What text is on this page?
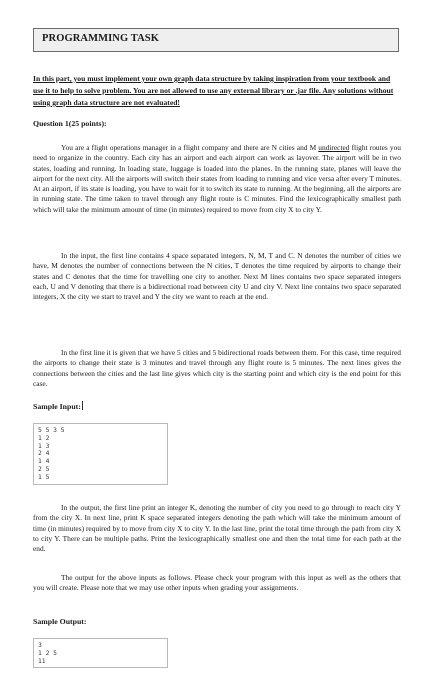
PROGRAMMING TASK
In this part, you must implement your own graph data structure by taking inspiration from your textbook and use it to help to solve problem. You are not allowed to use any external library or .jar file. Any solutions without using graph data structure are not evaluated!
Question 1(25 points):

You are a flight operations manager in a flight company and there are N cities and M undirected flight routes you need to organize in the country. Each city has an airport and each airport can work as layover. The airport will be in two states, loading and running. In loading state, luggage is loaded into the planes. In the running state, planes will leave the airport for the next city. All the airports will switch their states from loading to running and vice versa after every T minutes. At an airport, if its state is loading, you have to wait for it to switch its state to running. At the beginning, all the airports are in running state. The time taken to travel through any flight route is C minutes. Find the lexicographically smallest path which will take the minimum amount of time (in minutes) required to move from city X to city Y.

In the input, the first line contains 4 space separated integers, N, M, T and C. N denotes the number of cities we have, M denotes the number of connections between the N cities, T denotes the time required by airports to change their states and C denotes that the time for travelling one city to another. Next M lines contains two space separated integers each, U and V denoting that there is a bidirectional road between city U and city V. Next line contains two space separated integers, X the city we start to travel and Y the city we want to reach at the end.

In the first line it is given that we have 5 cities and 5 bidirectional roads between them. For this case, time required the airports to change their state is 3 minutes and travel through any flight route is 5 minutes. The next lines gives the connections between the cities and the last line gives which city is the starting point and which city is the end point for this case.

Sample Input:
5 5 3 5
1 2
1 3
2 4
1 4
2 5
1 5

In the output, the first line print an integer K, denoting the number of city you need to go through to reach city Y from the city X. In next line, print K space separated integers denoting the path which will take the minimum amount of time (in minutes) required by to move from city X to city Y. In the last line, print the total time through the path from city X to city Y. There can be multiple paths. Print the lexicographically smallest one and then the total time for each path at the end.

The output for the above inputs as follows. Please check your program with this input as well as the others that you will create. Please note that we may use other inputs when grading your assignments.

Sample Output:
3
1 2 5
11
